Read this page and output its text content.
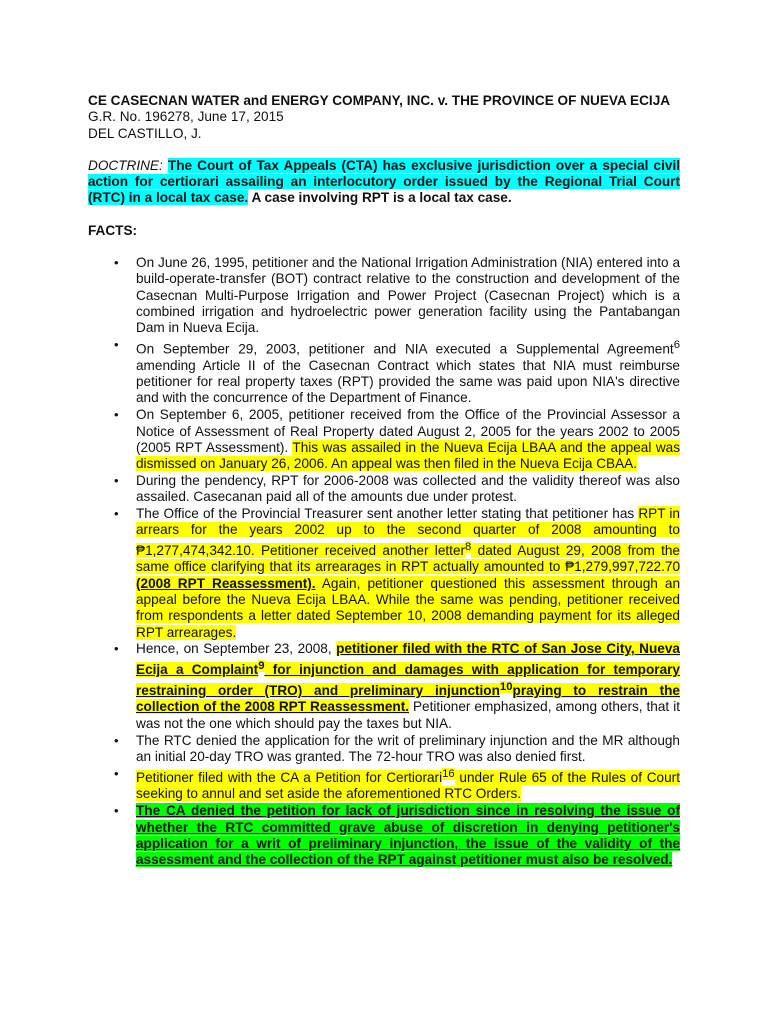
CE CASECNAN WATER and ENERGY COMPANY, INC. v. THE PROVINCE OF NUEVA ECIJA

G.R. No. 196278, June 17, 2015

DEL CASTILLO, J.

DOCTRINE: The Court of Tax Appeals (CTA) has exclusive jurisdiction over a special civil action for certiorari assailing an interlocutory order issued by the Regional Trial Court (RTC) in a local tax case. A case involving RPT is a local tax case.

FACTS:

• On June 26, 1995, petitioner and the National Irrigation Administration (NIA) entered into a build-operate-transfer (BOT) contract relative to the construction and development of the Casecnan Multi-Purpose Irrigation and Power Project (Casecnan Project) which is a combined irrigation and hydroelectric power generation facility using the Pantabangan Dam in Nueva Ecija.
• On September 29, 2003, petitioner and NIA executed a Supplemental Agreement$^6$ amending Article II of the Casecnan Contract which states that NIA must reimburse petitioner for real property taxes (RPT) provided the same was paid upon NIA's directive and with the concurrence of the Department of Finance.
• On September 6, 2005, petitioner received from the Office of the Provincial Assessor a Notice of Assessment of Real Property dated August 2, 2005 for the years 2002 to 2005 (2005 RPT Assessment). This was assailed in the Nueva Ecija LBAA and the appeal was dismissed on January 26, 2006. An appeal was then filed in the Nueva Ecija CBAA.
• During the pendency, RPT for 2006-2008 was collected and the validity thereof was also assailed. Casecanan paid all of the amounts due under protest.
• The Office of the Provincial Treasurer sent another letter stating that petitioner has RPT in arrears for the years 2002 up to the second quarter of 2008 amounting to ₱1,277,474,342.10. Petitioner received another letter$^8$ dated August 29, 2008 from the same office clarifying that its arrearages in RPT actually amounted to ₱1,279,997,722.70 (2008 RPT Reassessment). Again, petitioner questioned this assessment through an appeal before the Nueva Ecija LBAA. While the same was pending, petitioner received from respondents a letter dated September 10, 2008 demanding payment for its alleged RPT arrearages.
• Hence, on September 23, 2008, petitioner filed with the RTC of San Jose City, Nueva Ecija a Complaint$^9$ for injunction and damages with application for temporary restraining order (TRO) and preliminary injunction$^{10}$praying to restrain the collection of the 2008 RPT Reassessment. Petitioner emphasized, among others, that it was not the one which should pay the taxes but NIA.
• The RTC denied the application for the writ of preliminary injunction and the MR although an initial 20-day TRO was granted. The 72-hour TRO was also denied first.
• Petitioner filed with the CA a Petition for Certiorari$^{16}$ under Rule 65 of the Rules of Court seeking to annul and set aside the aforementioned RTC Orders.
• The CA denied the petition for lack of jurisdiction since in resolving the issue of whether the RTC committed grave abuse of discretion in denying petitioner's application for a writ of preliminary injunction, the issue of the validity of the assessment and the collection of the RPT against petitioner must also be resolved.
